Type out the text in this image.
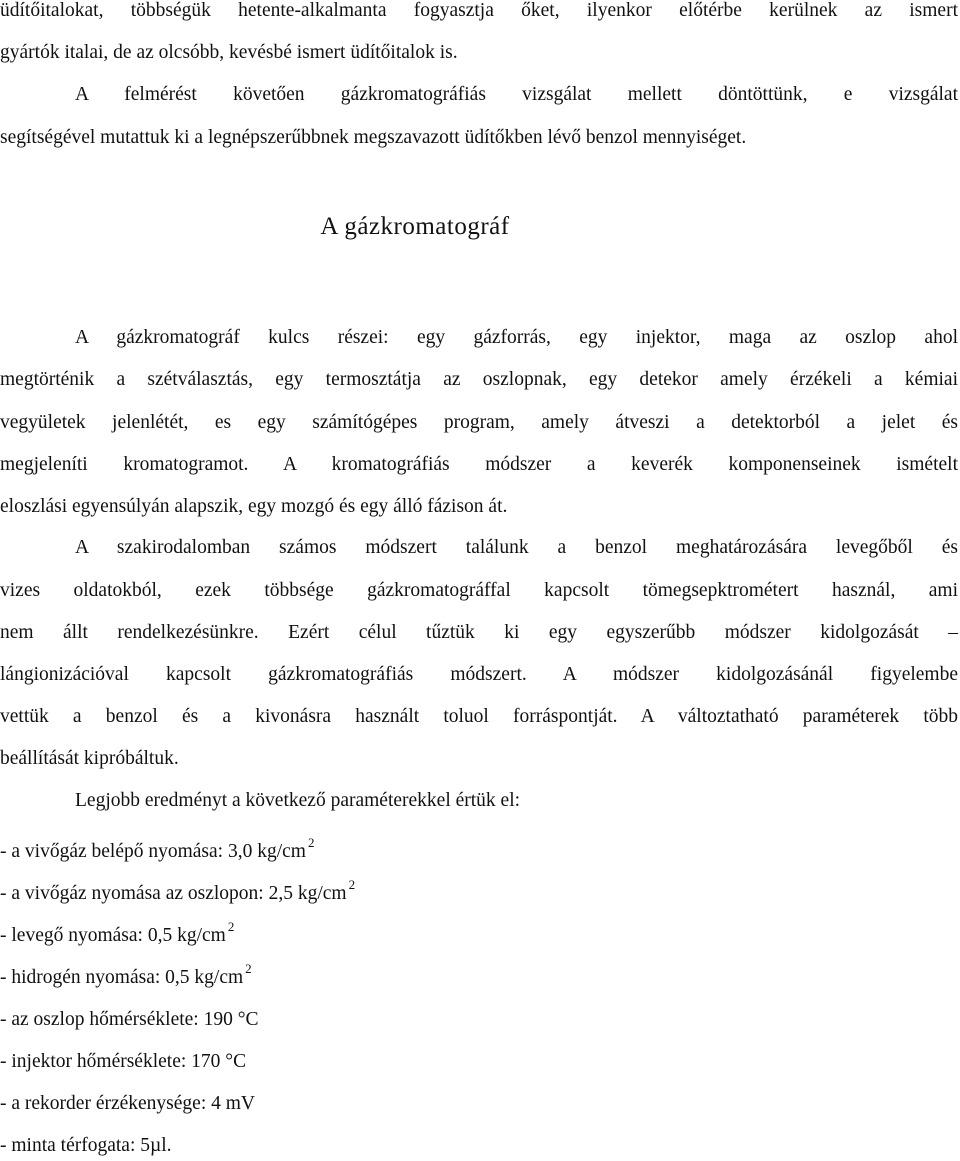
üdítőitalokat, többségük hetente-alkalmanta fogyasztja őket, ilyenkor előtérbe kerülnek az ismert
gyártók italai, de az olcsóbb, kevésbé ismert üdítőitalok is.
A felmérést követően gázkromatográfiás vizsgálat mellett döntöttünk, e vizsgálat
segítségével mutattuk ki a legnépszerűbbnek megszavazott üdítőkben lévő benzol mennyiséget.
A gázkromatográf
A gázkromatográf kulcs részei: egy gázforrás, egy injektor, maga az oszlop ahol
megtörténik a szétválasztás, egy termosztátja az oszlopnak, egy detekor amely érzékeli a kémiai
vegyületek jelenlétét, es egy számítógépes program, amely átveszi a detektorból a jelet és
megjeleníti kromatogramot. A kromatográfiás módszer a keverék komponenseinek ismételt
eloszlási egyensúlyán alapszik, egy mozgó és egy álló fázison át.
A szakirodalomban számos módszert találunk a benzol meghatározására levegőből és
vizes oldatokból, ezek többsége gázkromatográffal kapcsolt tömegsepktrométert használ, ami
nem állt rendelkezésünkre. Ezért célul tűztük ki egy egyszerűbb módszer kidolgozását –
lángionizációval kapcsolt gázkromatográfiás módszert. A módszer kidolgozásánál figyelembe
vettük a benzol és a kivonásra használt toluol forráspontját. A változtatható paraméterek több
beállítását kipróbáltuk.
Legjobb eredményt a következő paraméterekkel értük el:
- a vivőgáz belépő nyomása: 3,0 kg/cm $^2$
- a vivőgáz nyomása az oszlopon: 2,5 kg/cm $^2$
- levegő nyomása: 0,5 kg/cm $^2$
- hidrogén nyomása: 0,5 kg/cm $^2$
- az oszlop hőmérséklete: 190 °C
- injektor hőmérséklete: 170 °C
- a rekorder érzékenysége: 4 mV
- minta térfogata: 5µl.
